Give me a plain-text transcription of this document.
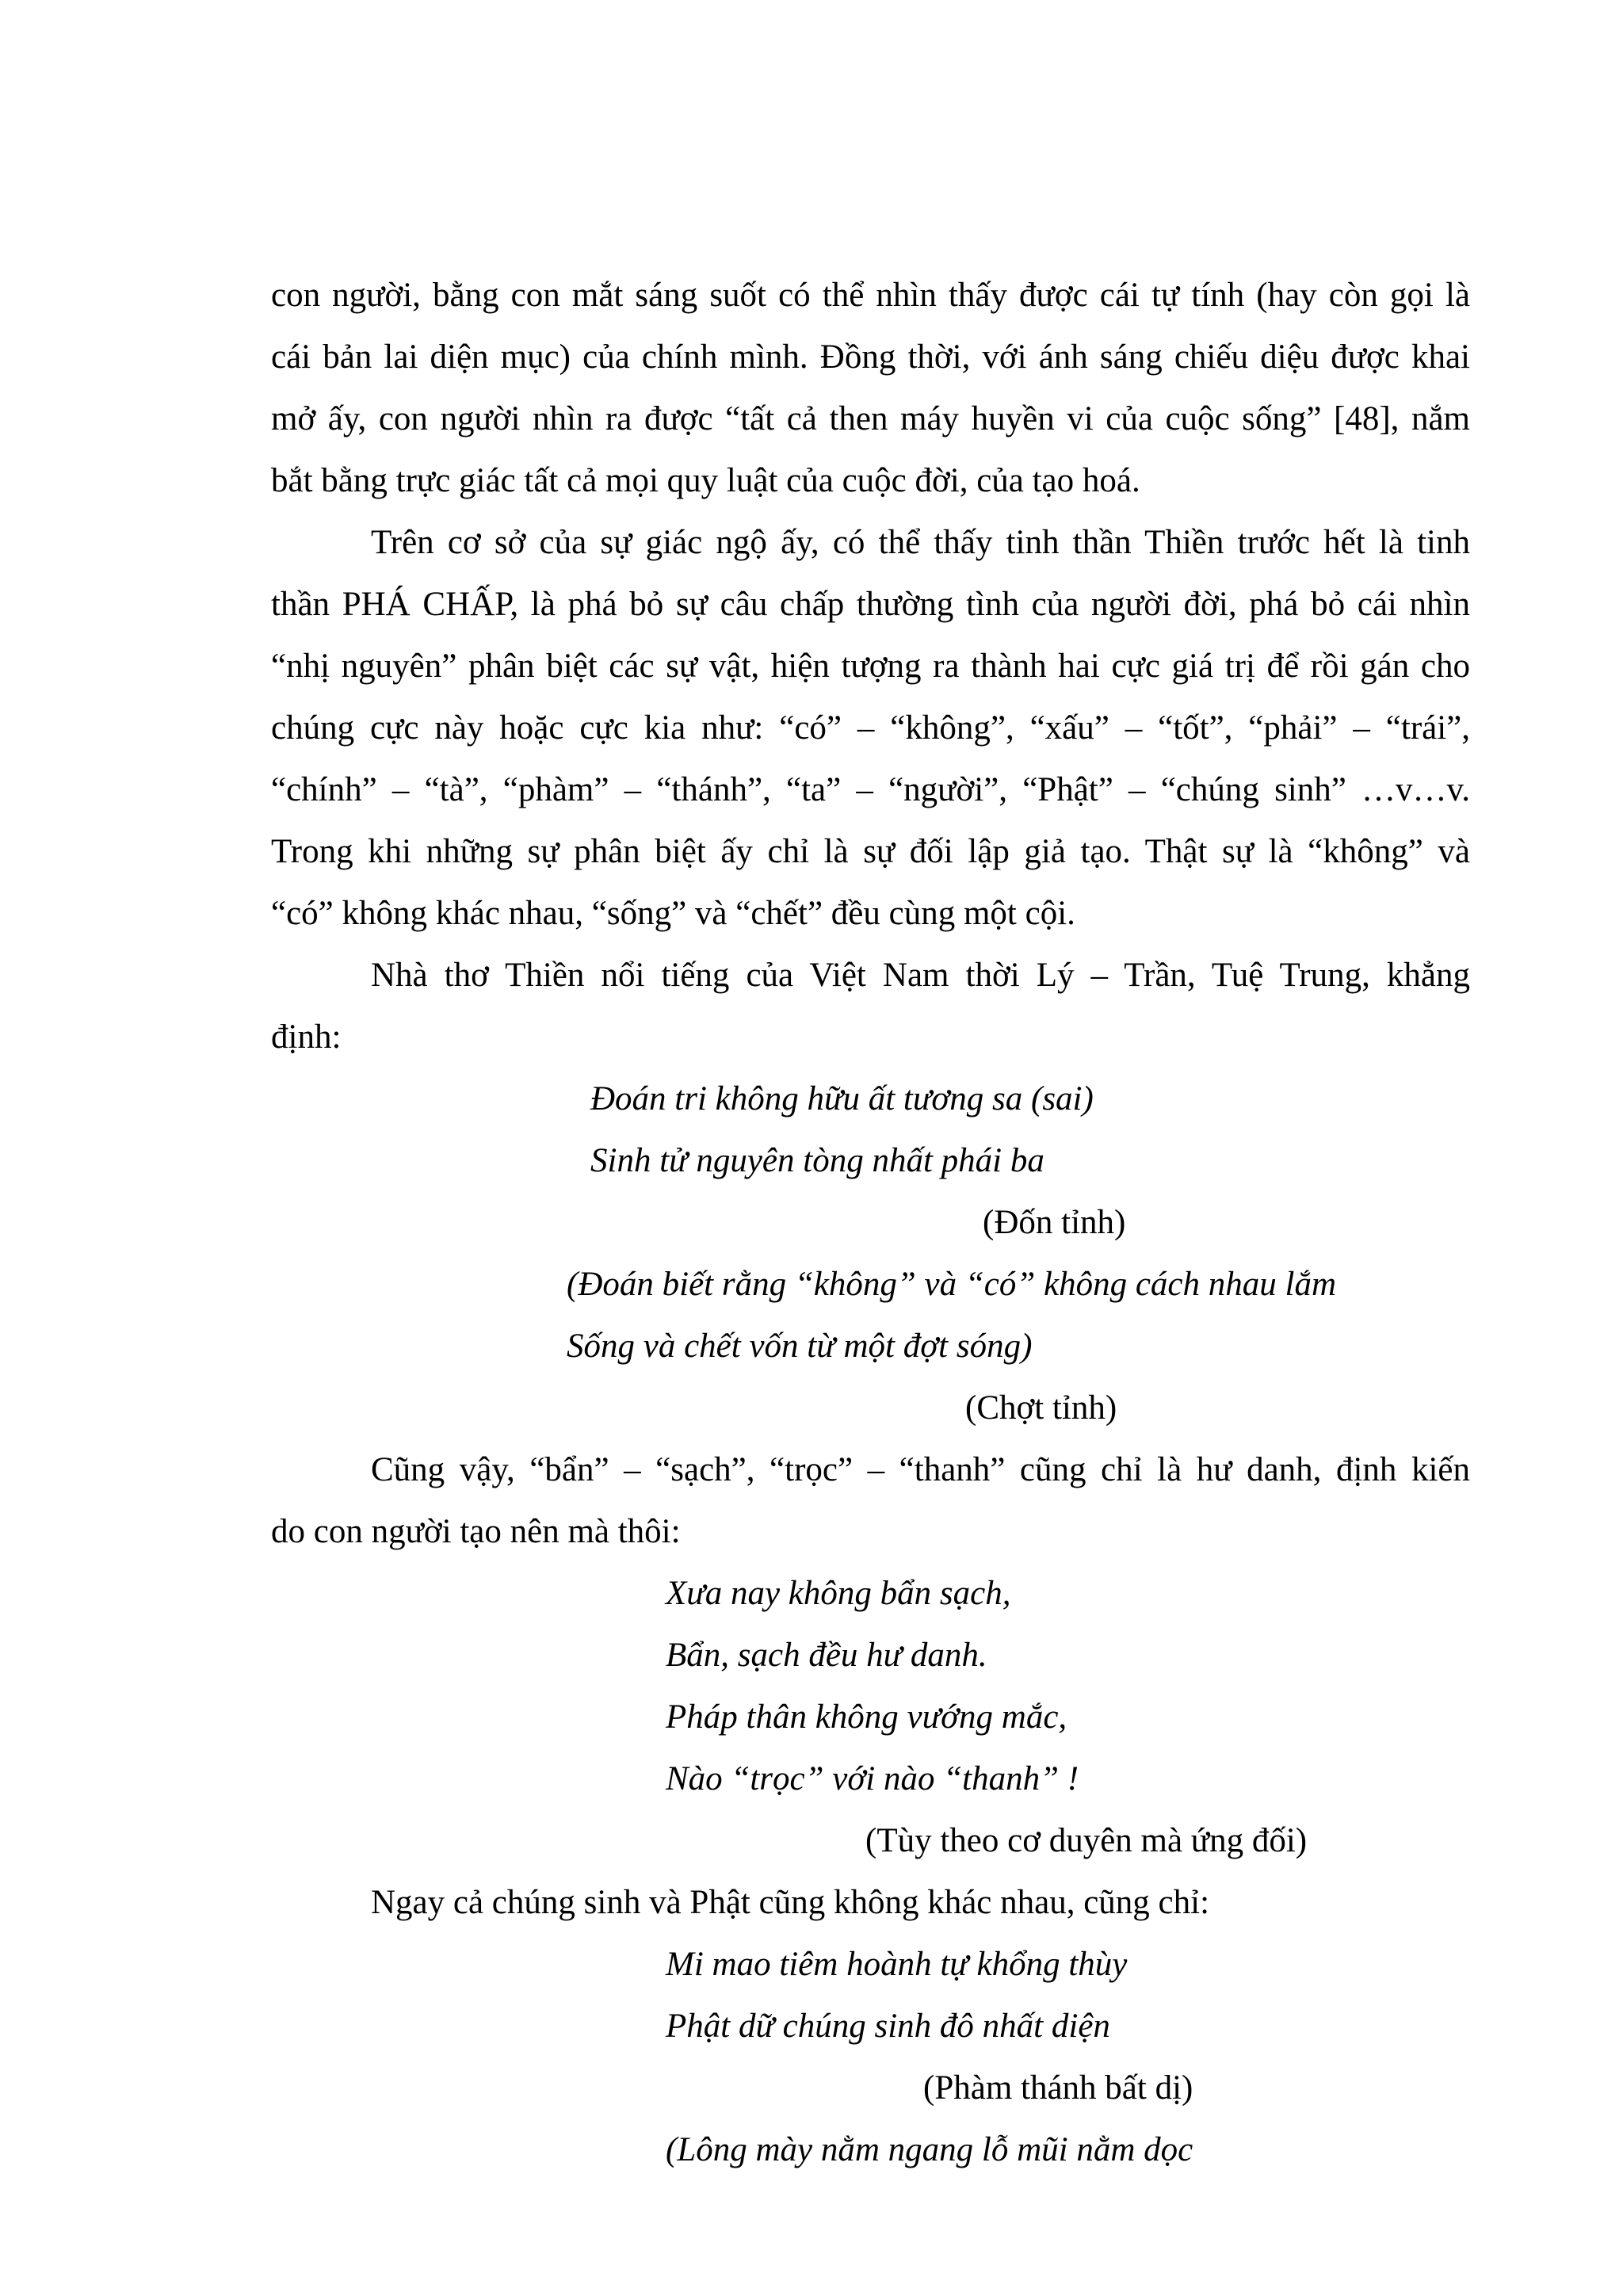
con người, bằng con mắt sáng suốt có thể nhìn thấy được cái tự tính (hay còn gọi là
cái bản lai diện mục) của chính mình. Đồng thời, với ánh sáng chiếu diệu được khai
mở ấy, con người nhìn ra được “tất cả then máy huyền vi của cuộc sống” [48], nắm
bắt bằng trực giác tất cả mọi quy luật của cuộc đời, của tạo hoá.
Trên cơ sở của sự giác ngộ ấy, có thể thấy tinh thần Thiền trước hết là tinh
thần PHÁ CHẤP, là phá bỏ sự câu chấp thường tình của người đời, phá bỏ cái nhìn
“nhị nguyên” phân biệt các sự vật, hiện tượng ra thành hai cực giá trị để rồi gán cho
chúng cực này hoặc cực kia như: “có” – “không”, “xấu” – “tốt”, “phải” – “trái”,
“chính” – “tà”, “phàm” – “thánh”, “ta” – “người”, “Phật” – “chúng sinh” …v…v.
Trong khi những sự phân biệt ấy chỉ là sự đối lập giả tạo. Thật sự là “không” và
“có” không khác nhau, “sống” và “chết” đều cùng một cội.
Nhà thơ Thiền nổi tiếng của Việt Nam thời Lý – Trần, Tuệ Trung, khẳng
định:
Đoán tri không hữu ất tương sa (sai)
Sinh tử nguyên tòng nhất phái ba
(Đốn tỉnh)
(Đoán biết rằng “không” và “có” không cách nhau lắm
Sống và chết vốn từ một đợt sóng)
(Chợt tỉnh)
Cũng vậy, “bẩn” – “sạch”, “trọc” – “thanh” cũng chỉ là hư danh, định kiến
do con người tạo nên mà thôi:
Xưa nay không bẩn sạch,
Bẩn, sạch đều hư danh.
Pháp thân không vướng mắc,
Nào “trọc” với nào “thanh” !
(Tùy theo cơ duyên mà ứng đối)
Ngay cả chúng sinh và Phật cũng không khác nhau, cũng chỉ:
Mi mao tiêm hoành tự khổng thùy
Phật dữ chúng sinh đô nhất diện
(Phàm thánh bất dị)
(Lông mày nằm ngang lỗ mũi nằm dọc
